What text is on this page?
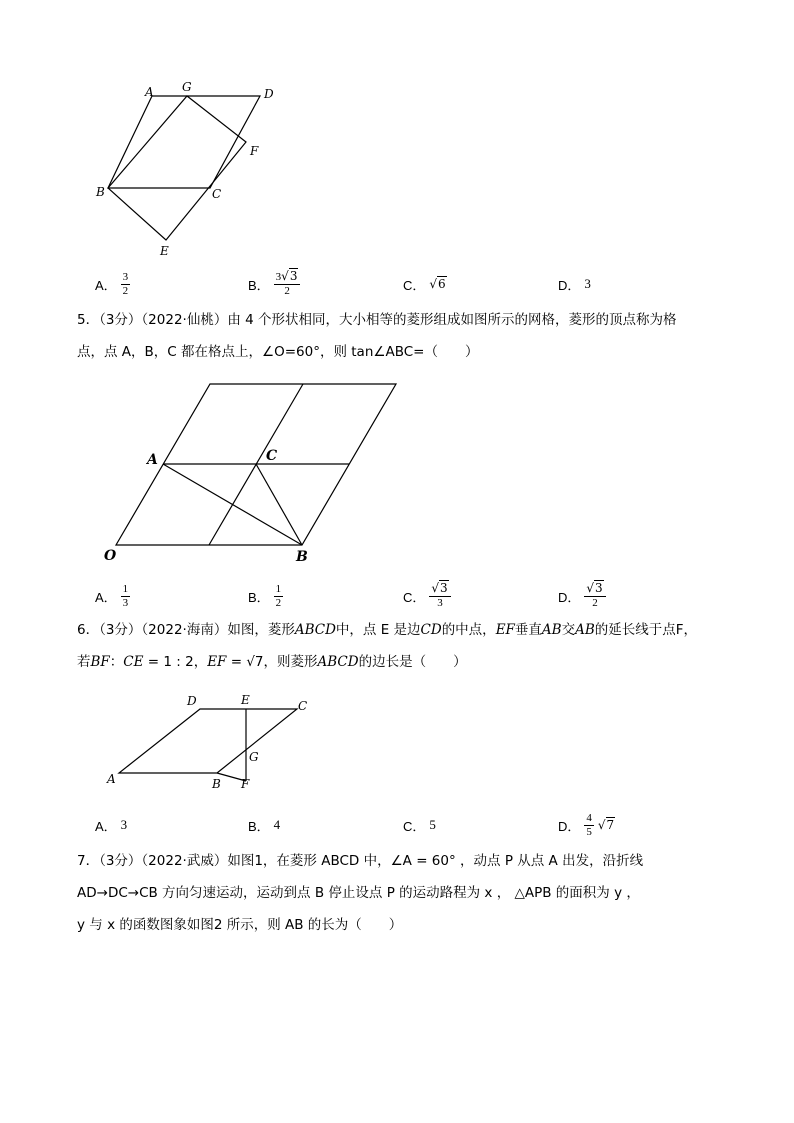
A G	D
F
B	C
E
A． $\frac{3}{2}$	B． $\frac{3√3}{2}$	C． √6	D． 3
5．（3分）（2022·仙桃）由 4 个形状相同，大小相等的菱形组成如图所示的网格，菱形的顶点称为格
点，点 A，B，C 都在格点上，∠O=60°，则 tan∠ABC=（　　）
A	C
O	B
A． $\frac{1}{3}$	B． $\frac{1}{2}$	C． $\frac{√3}{3}$	D． $\frac{√3}{2}$
6．（3分）（2022·海南）如图，菱形ABCD中，点 E 是边CD的中点，EF垂直AB交AB的延长线于点F，
若BF：CE = 1 : 2，EF = √7，则菱形ABCD的边长是（　　）
D	E	C
G
A	B F
A． 3	B． 4	C． 5	D． $\frac{4}{5} √7$
7．（3分）（2022·武威）如图1，在菱形 ABCD 中，∠A = 60° ，动点 P 从点 A 出发，沿折线
AD→DC→CB 方向匀速运动，运动到点 B 停止设点 P 的运动路程为 x ， △APB 的面积为 y ，
y 与 x 的函数图象如图2 所示，则 AB 的长为（　　）
